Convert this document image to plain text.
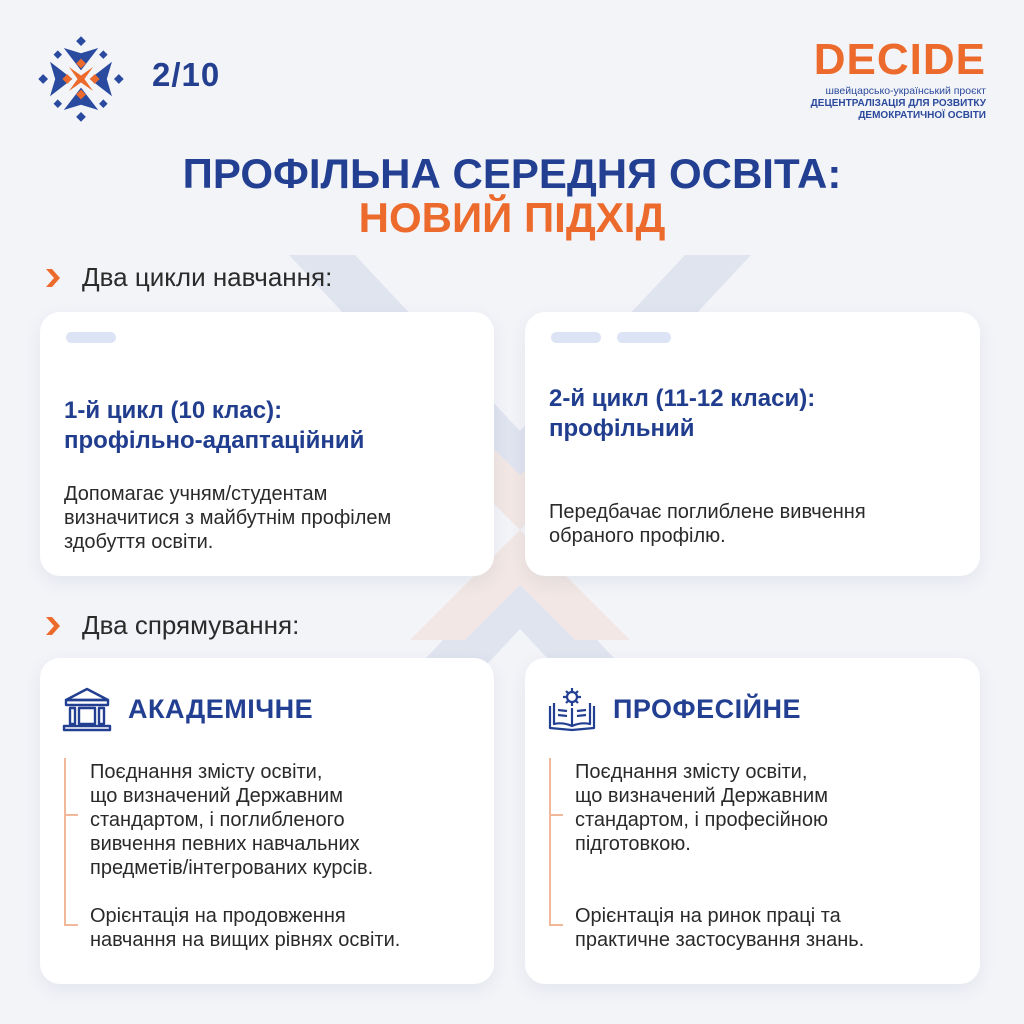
2/10	DECIDE
швейцарсько-український проєкт
ДЕЦЕНТРАЛІЗАЦІЯ ДЛЯ РОЗВИТКУ
ДЕМОКРАТИЧНОЇ ОСВІТИ
ПРОФІЛЬНА СЕРЕДНЯ ОСВІТА:
НОВИЙ ПІДХІД
Два цикли навчання:
1-й цикл (10 клас):
профільно-адаптаційний
Допомагає учням/студентам
визначитися з майбутнім профілем
здобуття освіти.
2-й цикл (11-12 класи):
профільний
Передбачає поглиблене вивчення
обраного профілю.
Два спрямування:
АКАДЕМІЧНЕ
Поєднання змісту освіти,
що визначений Державним
стандартом, і поглибленого
вивчення певних навчальних
предметів/інтегрованих курсів.
Орієнтація на продовження
навчання на вищих рівнях освіти.
ПРОФЕСІЙНЕ
Поєднання змісту освіти,
що визначений Державним
стандартом, і професійною
підготовкою.
Орієнтація на ринок праці та
практичне застосування знань.
